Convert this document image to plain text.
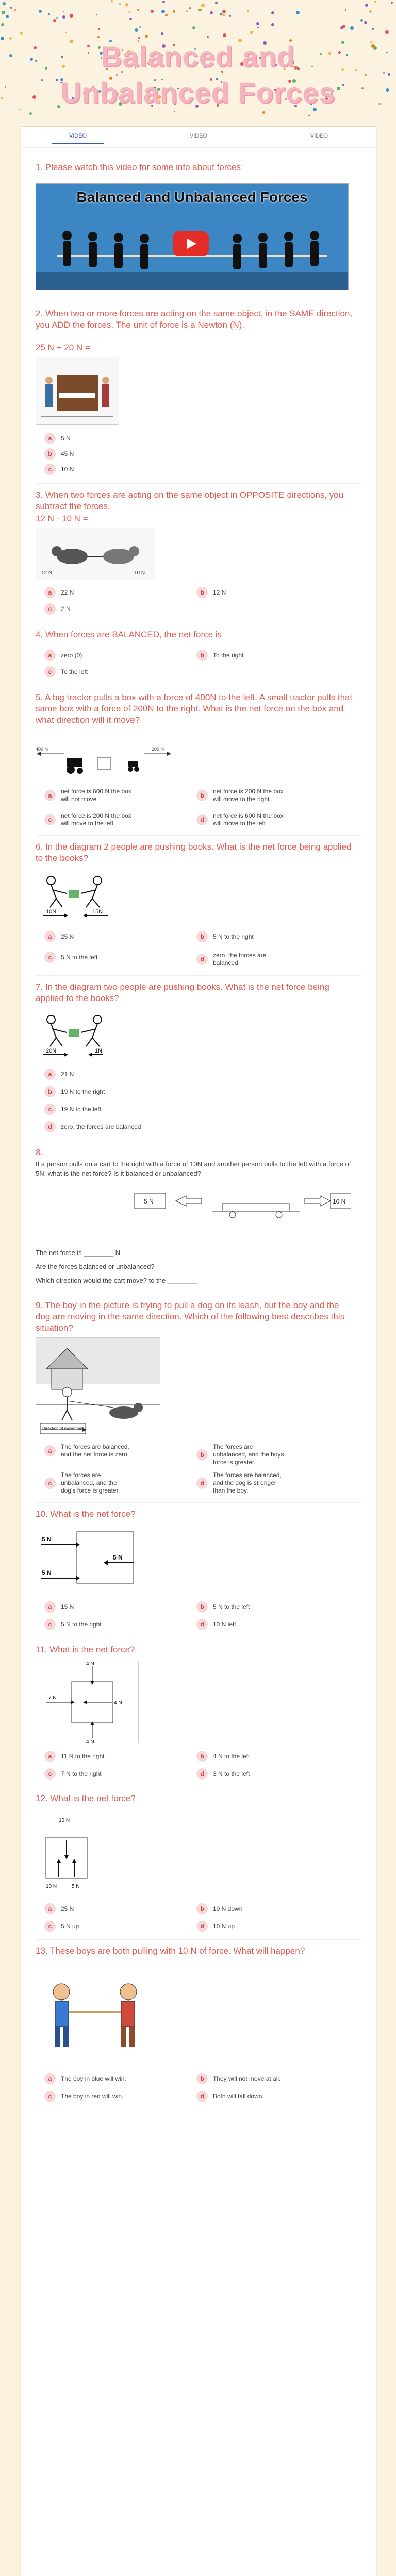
Balanced and
Unbalanced Forces
VIDEO	VIDEO	VIDEO
1. Please watch this video for some info about forces:
Balanced and Unbalanced Forces
2. When two or more forces are acting on the same object, in the SAME direction, you ADD the forces. The unit of force is a Newton (N).
25 N + 20 N =
a 5 N
b 45 N
c 10 N
3. When two forces are acting on the same object in OPPOSITE directions, you subtract the forces.
12 N - 10 N =
12 N	10 N
a 22 N	b 12 N
c 2 N
4. When forces are BALANCED, the net force is
a zero (0)	b To the right
c To the left
5. A big tractor pulls a box with a force of 400N to the left. A small tractor pulls that same box with a force of 200N to the right. What is the net force on the box and what direction will it move?
400 N	200 N
anet force is 600 N the box will not move	bnet force is 200 N the box will move to the right
cnet force is 200 N the box will move to the left	dnet force is 600 N the box will move to the left
6. In the diagram 2 people are pushing books. What is the net force being applied to the books?
10N	15N
a 25 N	b 5 N to the right
c 5 N to the left	dzero, the forces are balanced
7. In the diagram two people are pushing books. What is the net force being applied to the books?
20N	1N
a 21 N
b 19 N to the right
c 19 N to the left
d zero, the forces are balanced
8.
If a person pulls on a cart to the right with a force of 10N and another person pulls to the left with a force of 5N, what is the net force? Is it balanced or unbalanced?
5 N	10 N
The net force is ________ N
Are the forces balanced or unbalanced?
Which direction would the cart move? to the ________
9. The boy in the picture is trying to pull a dog on its leash, but the boy and the dog are moving in the same direction. Which of the following best describes this situation?
Direction of movement
aThe forces are balanced, and the net force is zero.	bThe forces are unbalanced, and the boys force is greater.
cThe forces are unbalanced, and the dog's force is greater.
dThe forces are balanced, and the dog is stronger than the boy.
10. What is the net force?
5 N
5 N
5 N
a 15 N	b 5 N to the left
c 5 N to the right	d 10 N left
11. What is the net force?
4 N
7 N
4 N
4 N
a 11 N to the right	b 4 N to the left
c 7 N to the right	d 3 N to the left
12. What is the net force?
10 N
10 N	5 N
a 25 N	b 10 N down
c 5 N up	d 10 N up
13. These boys are both pulling with 10 N of force. What will happen?
a The boy in blue will win.	b They will not move at all.
c The boy in red will win.	d Both will fall down.
